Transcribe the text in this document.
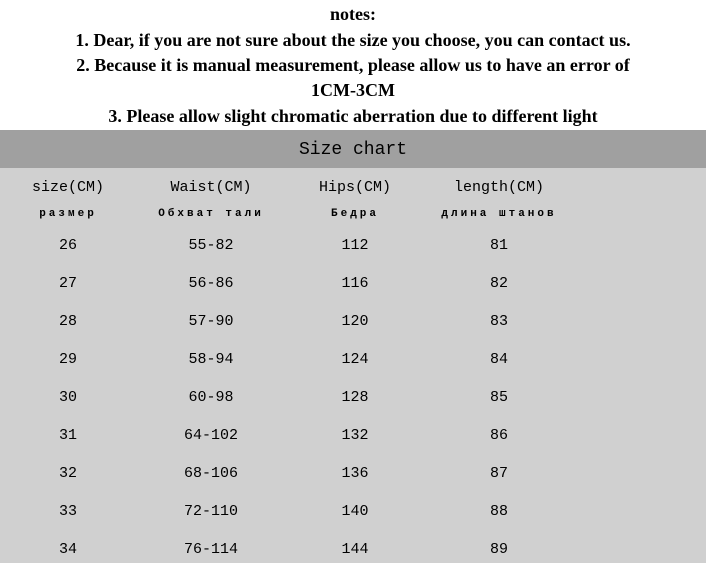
notes:
1. Dear, if you are not sure about the size you choose, you can contact us.
2. Because it is manual measurement, please allow us to have an error of
1CM-3CM
3. Please allow slight chromatic aberration due to different light
Size chart
size(CM)	Waist(CM)	Hips(CM)	length(CM)
размер	Обхват тали	Бедра	длина штанов
26	55-82	112	81
27	56-86	116	82
28	57-90	120	83
29	58-94	124	84
30	60-98	128	85
31	64-102	132	86
32	68-106	136	87
33	72-110	140	88
34	76-114	144	89
